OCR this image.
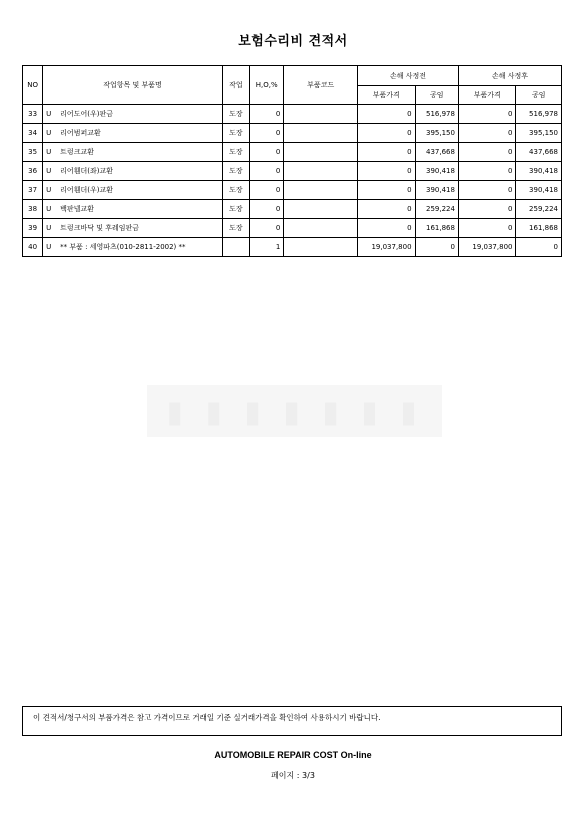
보험수리비 견적서
NO	작업항목 및 부품명	작업	H,O,%	부품코드	손해 사정전		손해 사정후	
					부품가격	공임	부품가격	공임
33	U 리어도어(우)판금	도장	0		0	516,978	0	516,978
34	U 리어범퍼교환	도장	0		0	395,150	0	395,150
35	U 트렁크교환	도장	0		0	437,668	0	437,668
36	U 리어휀더(좌)교환	도장	0		0	390,418	0	390,418
37	U 리어휀더(우)교환	도장	0		0	390,418	0	390,418
38	U 백판넬교환	도장	0		0	259,224	0	259,224
39	U 트렁크바닥 및 후레임판금	도장	0		0	161,868	0	161,868
40	U ** 부품 : 세영파츠(010-2811-2002) **		1		19,037,800	0	19,037,800	0
▮ ▮ ▮ ▮ ▮ ▮ ▮
이 견적서/청구서의 부품가격은 참고 가격이므로 거래일 기준 실거래가격을 확인하여 사용하시기 바랍니다.
AUTOMOBILE REPAIR COST On-line
페이지 : 3/3
